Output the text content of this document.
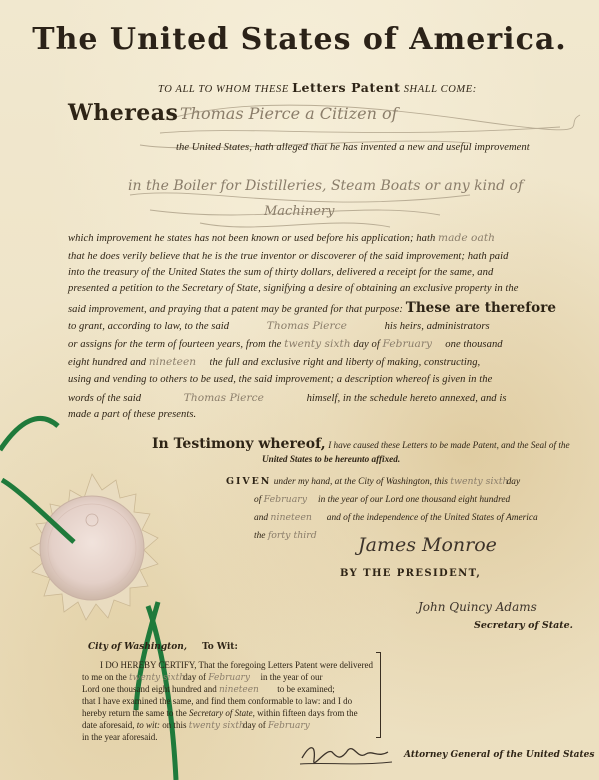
The United States of America.
TO ALL TO WHOM THESE Letters Patent SHALL COME:
Whereas Thomas Pierce a Citizen of
the United States, hath alleged that he has invented a new and useful improvement
in the Boiler for Distilleries, Steam Boats or any kind of
Machinery
which improvement he states has not been known or used before his application; hath made oath
that he does verily believe that he is the true inventor or discoverer of the said improvement; hath paid
into the treasury of the United States the sum of thirty dollars, delivered a receipt for the same, and
presented a petition to the Secretary of State, signifying a desire of obtaining an exclusive property in the
said improvement, and praying that a patent may be granted for that purpose: These are therefore
to grant, according to law, to the said	Thomas Pierce	his heirs, administrators
or assigns for the term of fourteen years, from the twenty sixth day of February one thousand
eight hundred and nineteen the full and exclusive right and liberty of making, constructing,
using and vending to others to be used, the said improvement; a description whereof is given in the
words of the said	Thomas Pierce	himself, in the schedule hereto annexed, and is
made a part of these presents.
In Testimony whereof, I have caused these Letters to be made Patent, and the Seal of the
United States to be hereunto affixed.
GIVEN under my hand, at the City of Washington, this twenty sixth day
of February in the year of our Lord one thousand eight hundred
and nineteen and of the independence of the United States of America
the forty third James Monroe
BY THE PRESIDENT,
John Quincy Adams
Secretary of State.
City of Washington, To Wit:
I DO HEREBY CERTIFY, That the foregoing Letters Patent were delivered
to me on the twenty sixth day of February in the year of our
Lord one thousand eight hundred and nineteen to be examined;
that I have examined the same, and find them conformable to law: and I do
hereby return the same to the Secretary of State, within fifteen days from the
date aforesaid, to wit: on this twenty sixth day of February
in the year aforesaid.
Attorney General of the United States
